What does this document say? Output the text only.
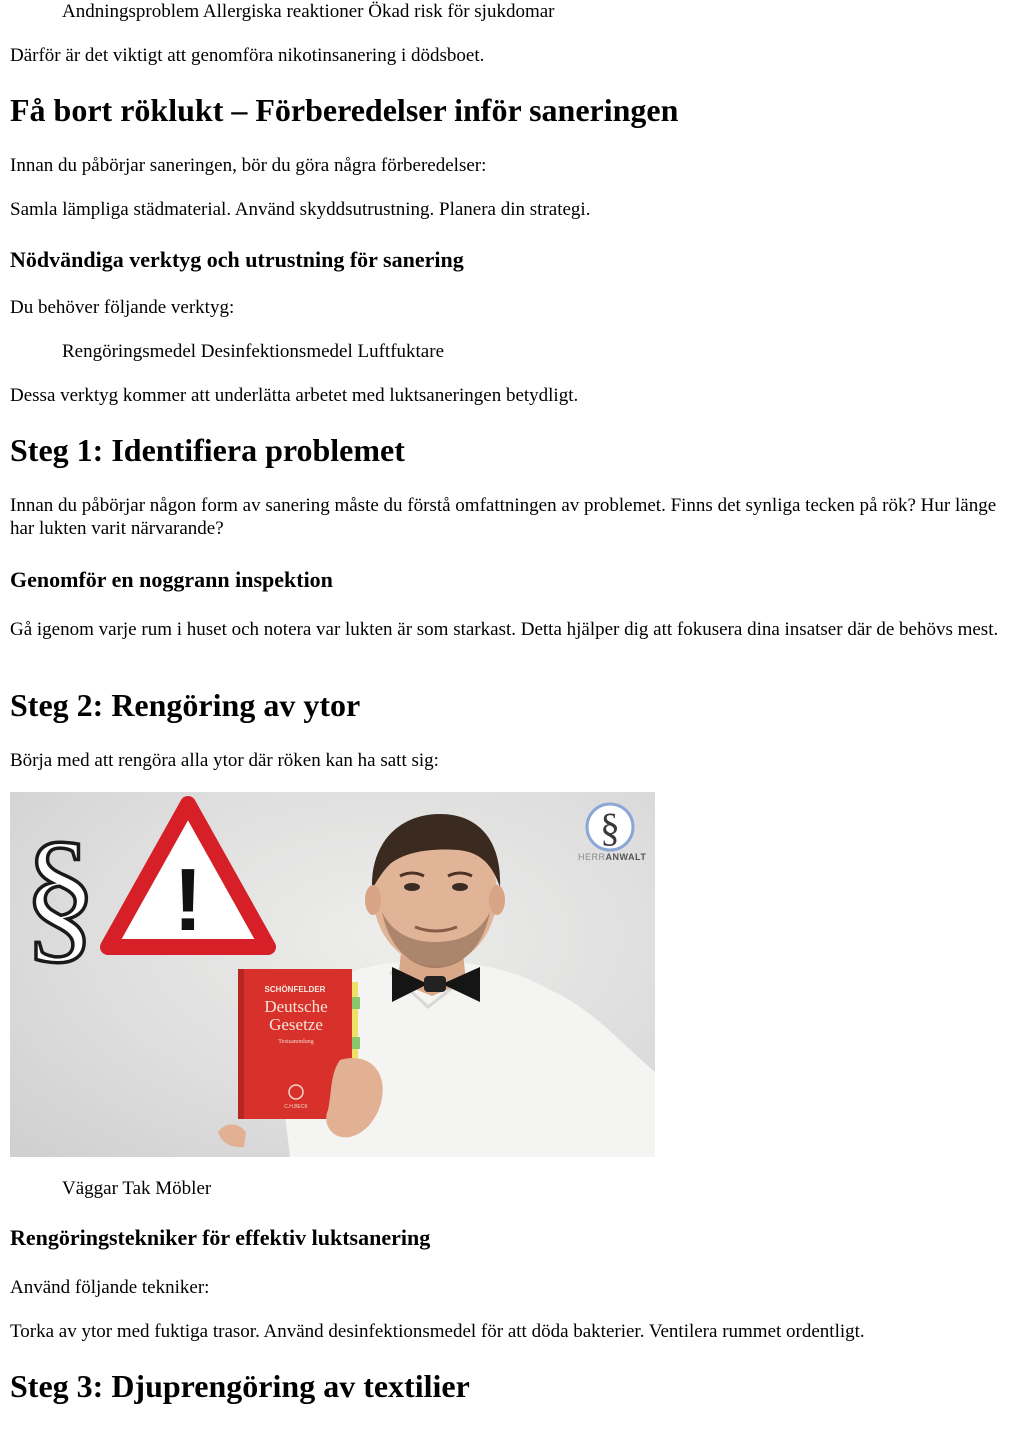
Andningsproblem Allergiska reaktioner Ökad risk för sjukdomar

Därför är det viktigt att genomföra nikotinsanering i dödsboet.

Få bort röklukt – Förberedelser inför saneringen

Innan du påbörjar saneringen, bör du göra några förberedelser:

Samla lämpliga städmaterial. Använd skyddsutrustning. Planera din strategi.

Nödvändiga verktyg och utrustning för sanering

Du behöver följande verktyg:

Rengöringsmedel Desinfektionsmedel Luftfuktare

Dessa verktyg kommer att underlätta arbetet med luktsaneringen betydligt.

Steg 1: Identifiera problemet

Innan du påbörjar någon form av sanering måste du förstå omfattningen av problemet. Finns det synliga tecken på rök? Hur länge har lukten varit närvarande?

Genomför en noggrann inspektion

Gå igenom varje rum i huset och notera var lukten är som starkast. Detta hjälper dig att fokusera dina insatser där de behövs mest.

Steg 2: Rengöring av ytor

Börja med att rengöra alla ytor där röken kan ha satt sig:

§ !
SCHÖNFELDER
Deutsche
Gesetze
Textsammlung
C.H.BECK
§
HERRANWALT

Väggar Tak Möbler

Rengöringstekniker för effektiv luktsanering

Använd följande tekniker:

Torka av ytor med fuktiga trasor. Använd desinfektionsmedel för att döda bakterier. Ventilera rummet ordentligt.

Steg 3: Djuprengöring av textilier
